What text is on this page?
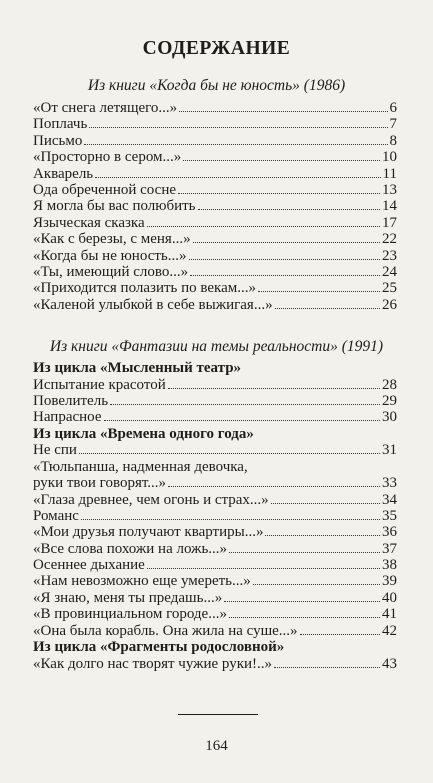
СОДЕРЖАНИЕ
Из книги «Когда бы не юность» (1986)
«От снега летящего...»	6
Поплачь	7
Письмо	8
«Просторно в сером...»	10
Акварель	11
Ода обреченной сосне	13
Я могла бы вас полюбить	14
Языческая сказка	17
«Как с березы, с меня...»	22
«Когда бы не юность...»	23
«Ты, имеющий слово...»	24
«Приходится полазить по векам...»	25
«Каленой улыбкой в себе выжигая...»	26
Из книги «Фантазии на темы реальности» (1991)
Из цикла «Мысленный театр»
Испытание красотой	28
Повелитель	29
Напрасное	30
Из цикла «Времена одного года»
Не спи	31
«Тюльпанша, надменная девочка,
руки твои говорят...»	33
«Глаза древнее, чем огонь и страх...»	34
Романс	35
«Мои друзья получают квартиры...»	36
«Все слова похожи на ложь...»	37
Осеннее дыхание	38
«Нам невозможно еще умереть...»	39
«Я знаю, меня ты предашь...»	40
«В провинциальном городе...»	41
«Она была корабль. Она жила на суше...»	42
Из цикла «Фрагменты родословной»
«Как долго нас творят чужие руки!..»	43
164
